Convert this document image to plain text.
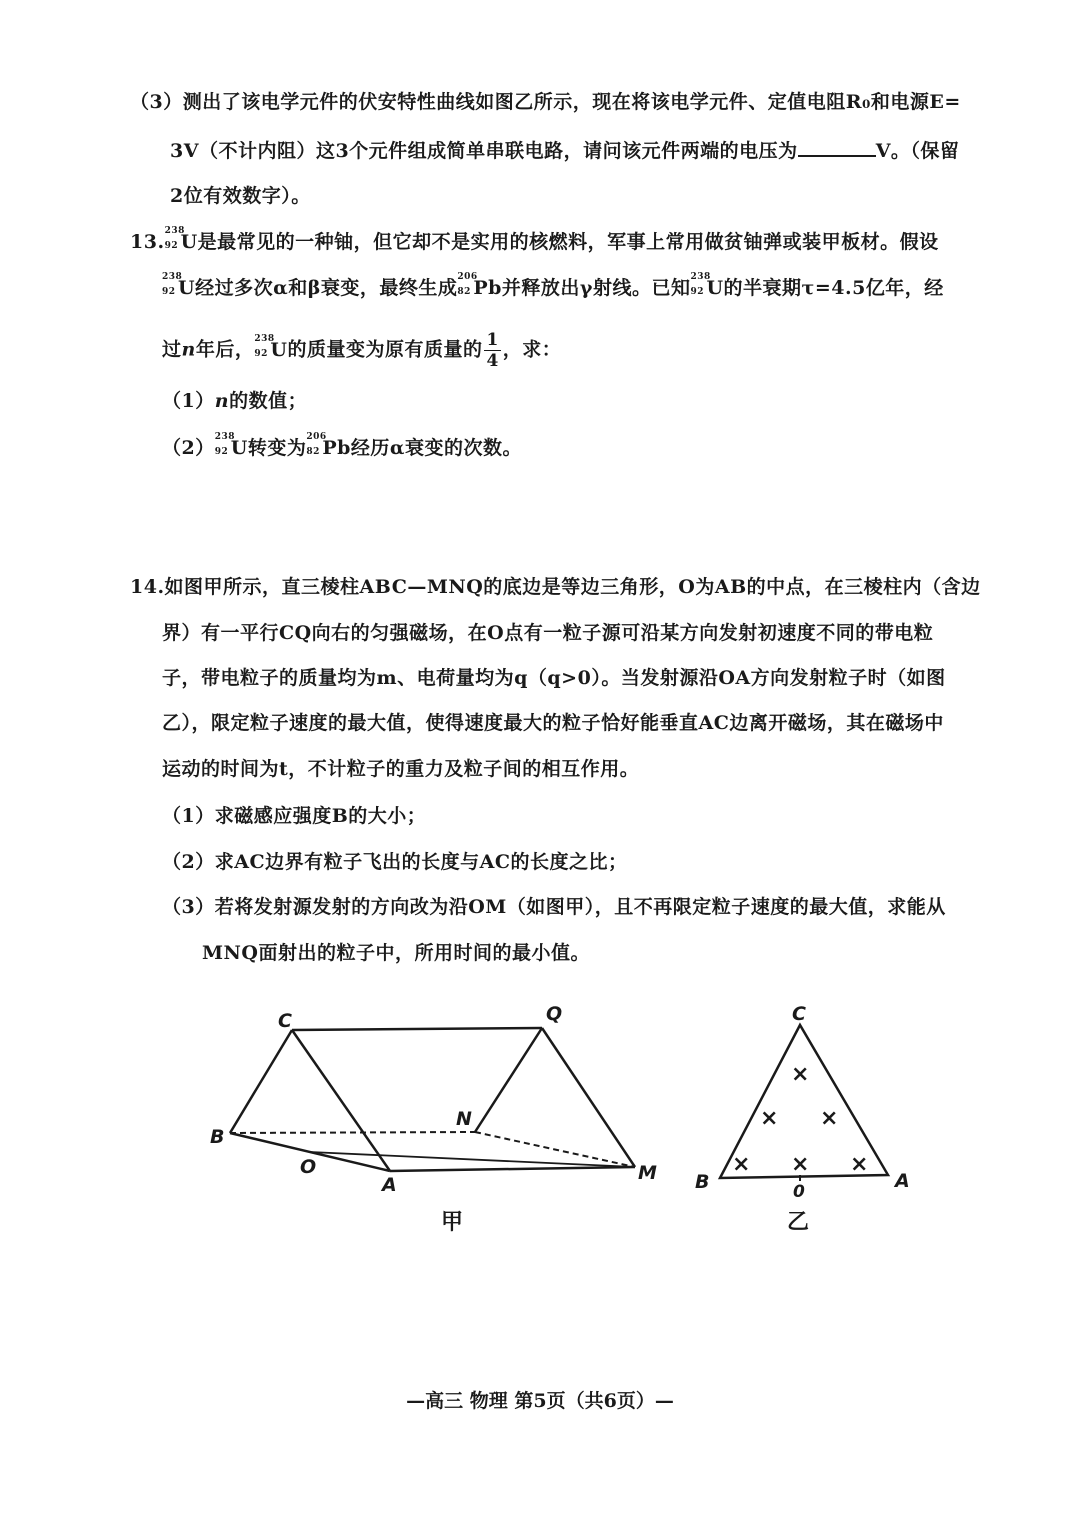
（3）测出了该电学元件的伏安特性曲线如图乙所示，现在将该电学元件、定值电阻R₀和电源E=
3V（不计内阻）这3个元件组成简单串联电路，请问该元件两端的电压为	V。（保留
2位有效数字）。
13. 238
92 U是最常见的一种铀，但它却不是实用的核燃料，军事上常用做贫铀弹或装甲板材。假设
238
92 U经过多次α和β衰变，最终生成 206
82 Pb并释放出γ射线。已知 238
92 U的半衰期τ=4.5亿年，经
过n年后， 238
92 U的质量变为原有质量的 $\frac{1}{4}$ ，求：
（1）n的数值；
（2） 238
92 U转变为 206
82 Pb经历α衰变的次数。
14.如图甲所示，直三棱柱ABC—MNQ的底边是等边三角形，O为AB的中点，在三棱柱内（含边
界）有一平行CQ向右的匀强磁场，在O点有一粒子源可沿某方向发射初速度不同的带电粒
子，带电粒子的质量均为m、电荷量均为q（q>0）。当发射源沿OA方向发射粒子时（如图
乙），限定粒子速度的最大值，使得速度最大的粒子恰好能垂直AC边离开磁场，其在磁场中
运动的时间为t，不计粒子的重力及粒子间的相互作用。
（1）求磁感应强度B的大小；
（2）求AC边界有粒子飞出的长度与AC的长度之比；
（3）若将发射源发射的方向改为沿OM（如图甲），且不再限定粒子速度的最大值，求能从
MNQ面射出的粒子中，所用时间的最小值。
C	Q
N
B
O
A
M
甲
C
B	A
0
×
× ×
× × ×
乙
—高三 物理 第5页（共6页）—
